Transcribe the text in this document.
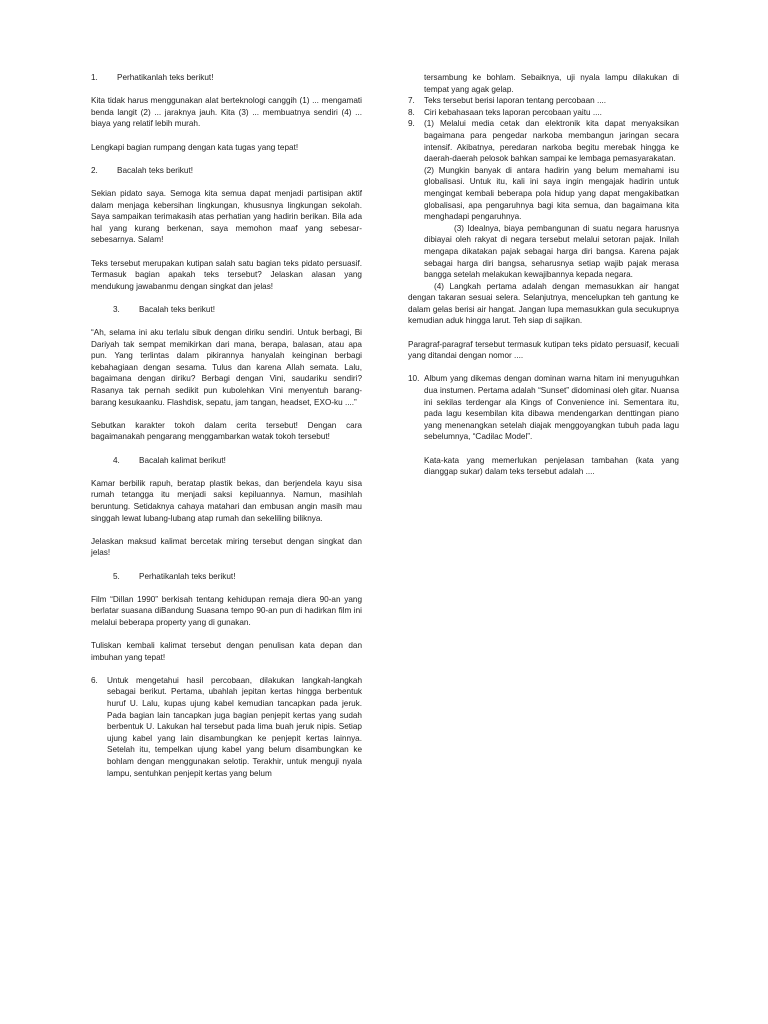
1. Perhatikanlah teks berikut!

Kita tidak harus menggunakan alat berteknologi canggih (1) ... mengamati benda langit (2) ... jaraknya jauh. Kita (3) ... membuatnya sendiri (4) ... biaya yang relatif lebih murah.

Lengkapi bagian rumpang dengan kata tugas yang tepat!

2. Bacalah teks berikut!

Sekian pidato saya. Semoga kita semua dapat menjadi partisipan aktif dalam menjaga kebersihan lingkungan, khususnya lingkungan sekolah. Saya sampaikan terimakasih atas perhatian yang hadirin berikan. Bila ada hal yang kurang berkenan, saya memohon maaf yang sebesar-sebesarnya. Salam!

Teks tersebut merupakan kutipan salah satu bagian teks pidato persuasif. Termasuk bagian apakah teks tersebut? Jelaskan alasan yang mendukung jawabanmu dengan singkat dan jelas!

3. Bacalah teks berikut!

“Ah, selama ini aku terlalu sibuk dengan diriku sendiri. Untuk berbagi, Bi Dariyah tak sempat memikirkan dari mana, berapa, balasan, atau apa pun. Yang terlintas dalam pikirannya hanyalah keinginan berbagi kebahagiaan dengan sesama. Tulus dan karena Allah semata. Lalu, bagaimana dengan diriku? Berbagi dengan Vini, saudariku sendiri? Rasanya tak pernah sedikit pun kubolehkan Vini menyentuh barang-barang kesukaanku. Flashdisk, sepatu, jam tangan, headset, EXO-ku ....”

Sebutkan karakter tokoh dalam cerita tersebut! Dengan cara bagaimanakah pengarang menggambarkan watak tokoh tersebut!

4. Bacalah kalimat berikut!

Kamar berbilik rapuh, beratap plastik bekas, dan berjendela kayu sisa rumah tetangga itu menjadi saksi kepiluannya. Namun, masihlah beruntung. Setidaknya cahaya matahari dan embusan angin masih mau singgah lewat lubang-lubang atap rumah dan sekeliling biliknya.

Jelaskan maksud kalimat bercetak miring tersebut dengan singkat dan jelas!

5. Perhatikanlah teks berikut!

Film “Dillan 1990” berkisah tentang kehidupan remaja diera 90-an yang berlatar suasana diBandung Suasana tempo 90-an pun di hadirkan film ini melalui beberapa property yang di gunakan.

Tuliskan kembali kalimat tersebut dengan penulisan kata depan dan imbuhan yang tepat!

6.	Untuk mengetahui hasil percobaan, dilakukan langkah-langkah sebagai berikut. Pertama, ubahlah jepitan kertas hingga berbentuk huruf U. Lalu, kupas ujung kabel kemudian tancapkan pada jeruk. Pada bagian lain tancapkan juga bagian penjepit kertas yang sudah berbentuk U. Lakukan hal tersebut pada lima buah jeruk nipis. Setiap ujung kabel yang lain disambungkan ke penjepit kertas lainnya. Setelah itu, tempelkan ujung kabel yang belum disambungkan ke bohlam dengan menggunakan selotip. Terakhir, untuk menguji nyala lampu, sentuhkan penjepit kertas yang belum

tersambung ke bohlam. Sebaiknya, uji nyala lampu dilakukan di tempat yang agak gelap.

7.	Teks tersebut berisi laporan tentang percobaan ....
8.	Ciri kebahasaan teks laporan percobaan yaitu ....
9.	(1) Melalui media cetak dan elektronik kita dapat menyaksikan bagaimana para pengedar narkoba membangun jaringan secara intensif. Akibatnya, peredaran narkoba begitu merebak hingga ke daerah-daerah pelosok bahkan sampai ke lembaga pemasyarakatan.

(2) Mungkin banyak di antara hadirin yang belum memahami isu globalisasi. Untuk itu, kali ini saya ingin mengajak hadirin untuk mengingat kembali beberapa pola hidup yang dapat mengakibatkan globalisasi, apa pengaruhnya bagi kita semua, dan bagaimana kita menghadapi pengaruhnya.

(3) Idealnya, biaya pembangunan di suatu negara harusnya dibiayai oleh rakyat di negara tersebut melalui setoran pajak. Inilah mengapa dikatakan pajak sebagai harga diri bangsa. Karena pajak sebagai harga diri bangsa, seharusnya setiap wajib pajak merasa bangga setelah melakukan kewajibannya kepada negara.

(4) Langkah pertama adalah dengan memasukkan air hangat dengan takaran sesuai selera. Selanjutnya, mencelupkan teh gantung ke dalam gelas berisi air hangat. Jangan lupa memasukkan gula secukupnya kemudian aduk hingga larut. Teh siap di sajikan.

Paragraf-paragraf tersebut termasuk kutipan teks pidato persuasif, kecuali yang ditandai dengan nomor ....

10. Album yang dikemas dengan dominan warna hitam ini menyuguhkan dua instumen. Pertama adalah “Sunset” didominasi oleh gitar. Nuansa ini sekilas terdengar ala Kings of Convenience ini. Sementara itu, pada lagu kesembilan kita dibawa mendengarkan denttingan piano yang menenangkan setelah diajak menggoyangkan tubuh pada lagu sebelumnya, “Cadilac Model”.

Kata-kata yang memerlukan penjelasan tambahan (kata yang dianggap sukar) dalam teks tersebut adalah ....
